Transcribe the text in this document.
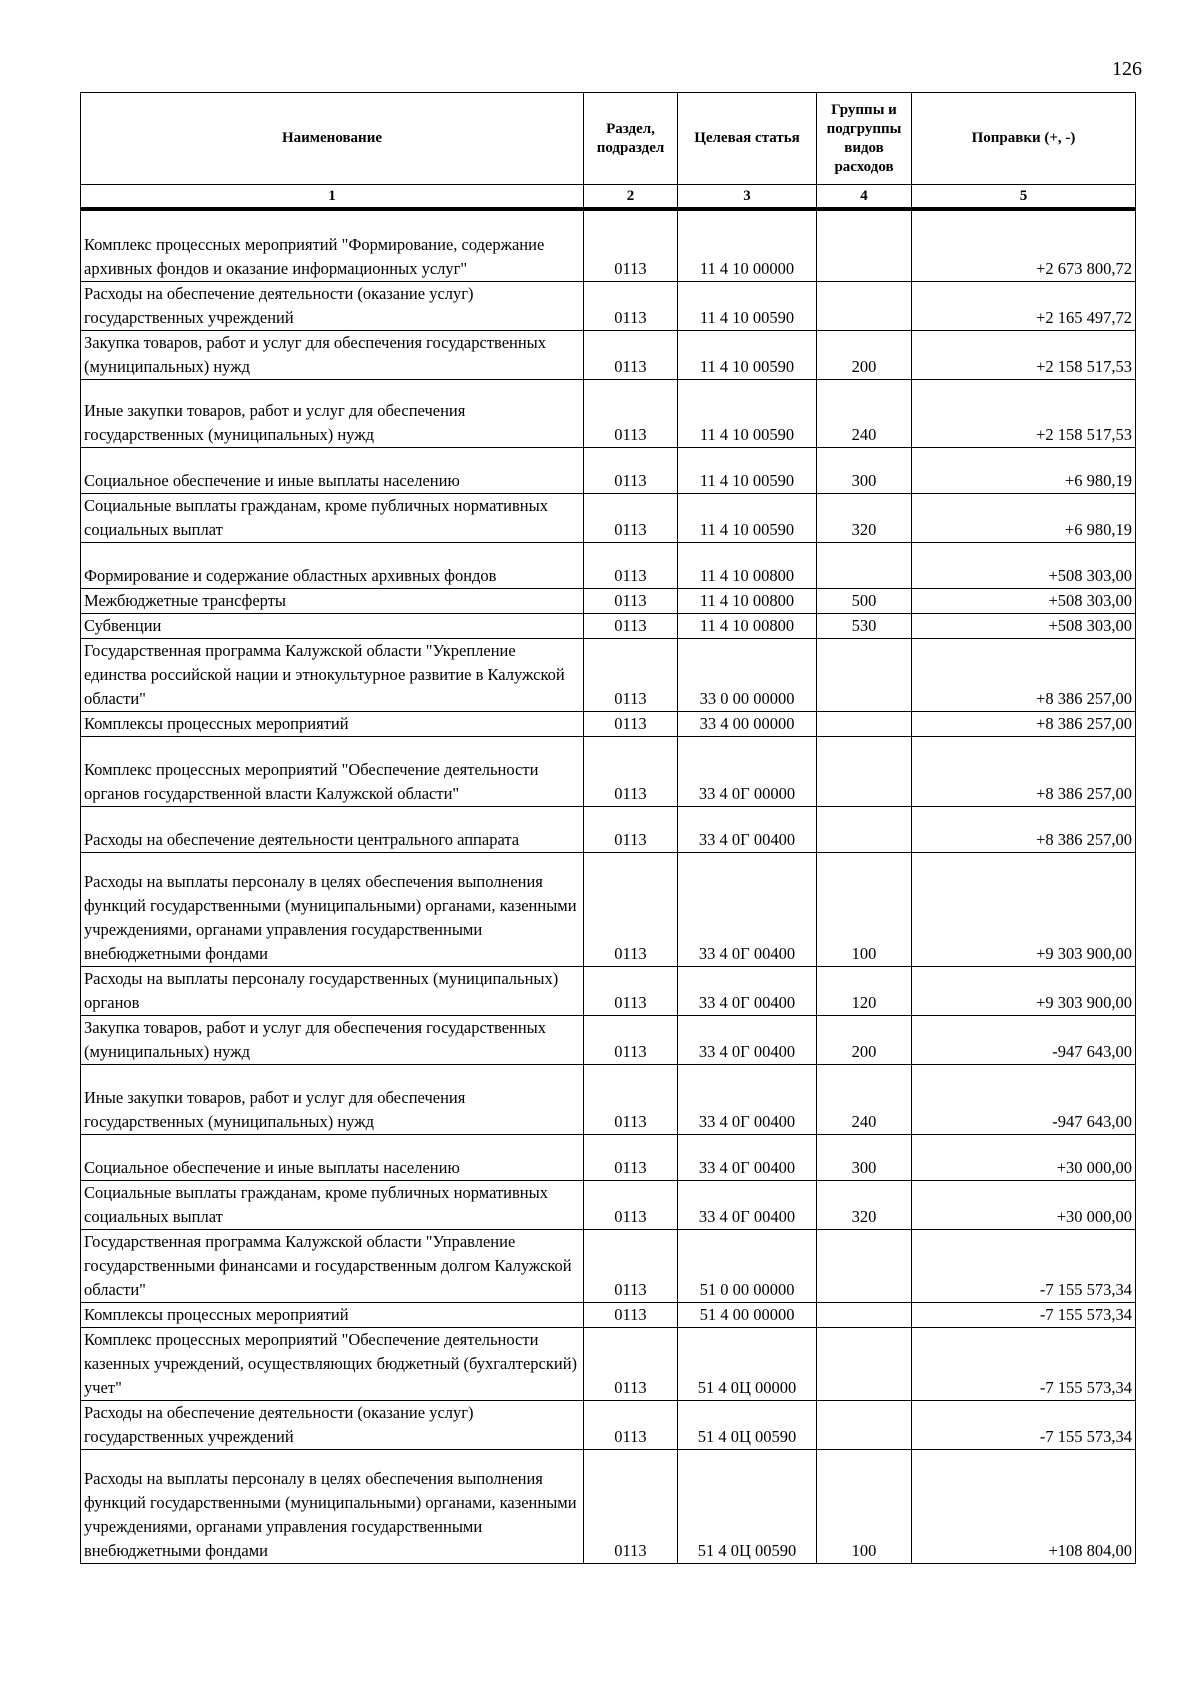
126
Наименование	Раздел, подраздел	Целевая статья	Группы и подгруппы видов расходов	Поправки (+, -)
1	2	3	4	5
Комплекс процессных мероприятий "Формирование, содержание архивных фондов и оказание информационных услуг"	0113	11 4 10 00000		+2 673 800,72
Расходы на обеспечение деятельности (оказание услуг) государственных учреждений	0113	11 4 10 00590		+2 165 497,72
Закупка товаров, работ и услуг для обеспечения государственных (муниципальных) нужд	0113	11 4 10 00590	200	+2 158 517,53
Иные закупки товаров, работ и услуг для обеспечения государственных (муниципальных) нужд	0113	11 4 10 00590	240	+2 158 517,53
Социальное обеспечение и иные выплаты населению	0113	11 4 10 00590	300	+6 980,19
Социальные выплаты гражданам, кроме публичных нормативных социальных выплат	0113	11 4 10 00590	320	+6 980,19
Формирование и содержание областных архивных фондов	0113	11 4 10 00800		+508 303,00
Межбюджетные трансферты	0113	11 4 10 00800	500	+508 303,00
Субвенции	0113	11 4 10 00800	530	+508 303,00
Государственная программа Калужской области "Укрепление единства российской нации и этнокультурное развитие в Калужской области"	0113	33 0 00 00000		+8 386 257,00
Комплексы процессных мероприятий	0113	33 4 00 00000		+8 386 257,00
Комплекс процессных мероприятий "Обеспечение деятельности органов государственной власти Калужской области"	0113	33 4 0Г 00000		+8 386 257,00
Расходы на обеспечение деятельности центрального аппарата	0113	33 4 0Г 00400		+8 386 257,00
Расходы на выплаты персоналу в целях обеспечения выполнения функций государственными (муниципальными) органами, казенными учреждениями, органами управления государственными внебюджетными фондами	0113	33 4 0Г 00400	100	+9 303 900,00
Расходы на выплаты персоналу государственных (муниципальных) органов	0113	33 4 0Г 00400	120	+9 303 900,00
Закупка товаров, работ и услуг для обеспечения государственных (муниципальных) нужд	0113	33 4 0Г 00400	200	-947 643,00
Иные закупки товаров, работ и услуг для обеспечения государственных (муниципальных) нужд	0113	33 4 0Г 00400	240	-947 643,00
Социальное обеспечение и иные выплаты населению	0113	33 4 0Г 00400	300	+30 000,00
Социальные выплаты гражданам, кроме публичных нормативных социальных выплат	0113	33 4 0Г 00400	320	+30 000,00
Государственная программа Калужской области "Управление государственными финансами и государственным долгом Калужской области"	0113	51 0 00 00000		-7 155 573,34
Комплексы процессных мероприятий	0113	51 4 00 00000		-7 155 573,34
Комплекс процессных мероприятий "Обеспечение деятельности казенных учреждений, осуществляющих бюджетный (бухгалтерский) учет"	0113	51 4 0Ц 00000		-7 155 573,34
Расходы на обеспечение деятельности (оказание услуг) государственных учреждений	0113	51 4 0Ц 00590		-7 155 573,34
Расходы на выплаты персоналу в целях обеспечения выполнения функций государственными (муниципальными) органами, казенными учреждениями, органами управления государственными внебюджетными фондами	0113	51 4 0Ц 00590	100	+108 804,00
